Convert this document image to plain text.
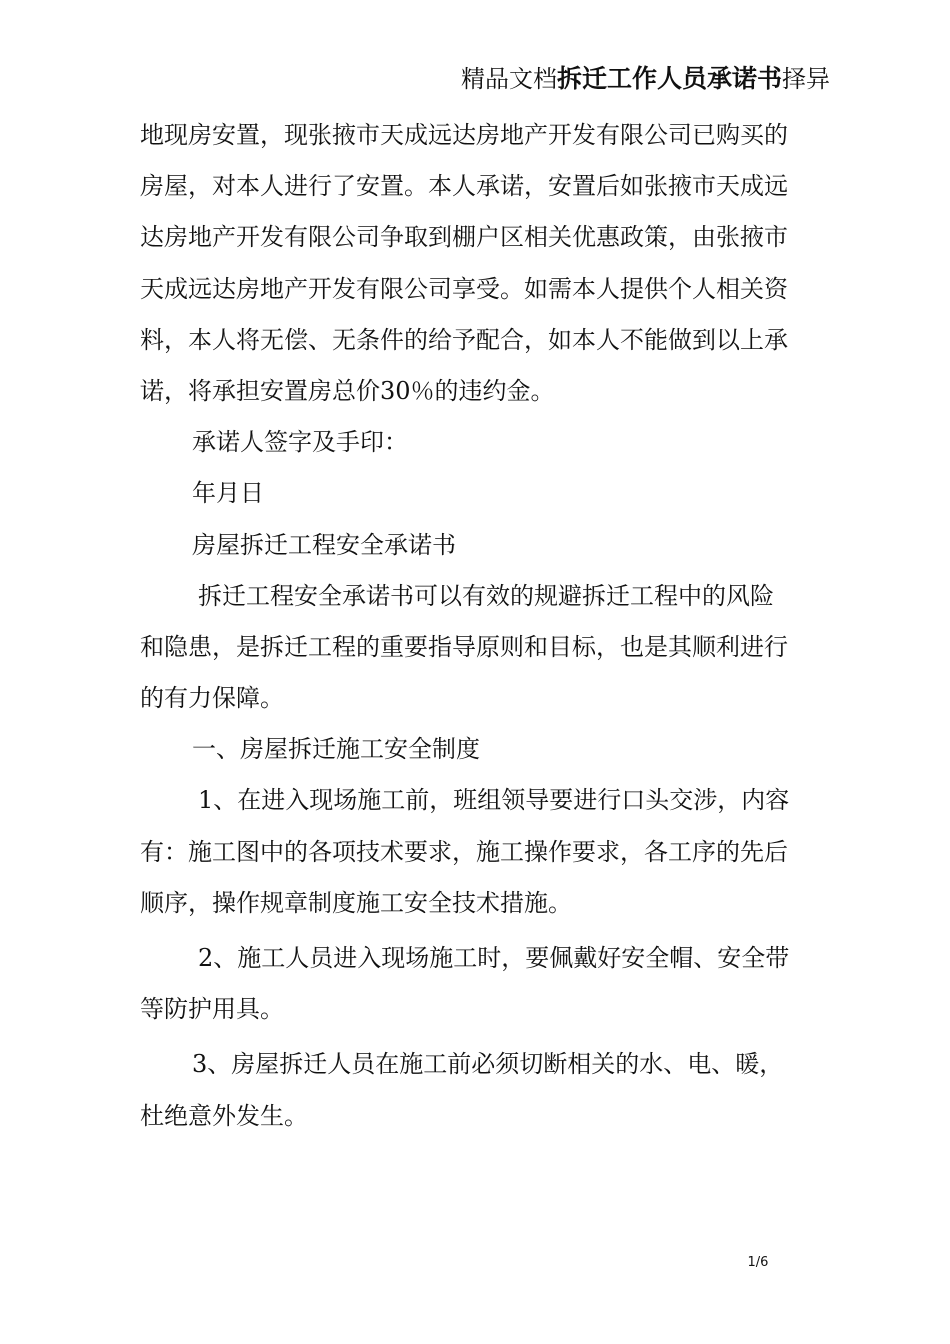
精品文档拆迁工作人员承诺书择异
地现房安置，现张掖市天成远达房地产开发有限公司已购买的
房屋，对本人进行了安置。本人承诺，安置后如张掖市天成远
达房地产开发有限公司争取到棚户区相关优惠政策，由张掖市
天成远达房地产开发有限公司享受。如需本人提供个人相关资
料，本人将无偿、无条件的给予配合，如本人不能做到以上承
诺，将承担安置房总价30％的违约金。
承诺人签字及手印：
年月日
房屋拆迁工程安全承诺书
拆迁工程安全承诺书可以有效的规避拆迁工程中的风险
和隐患，是拆迁工程的重要指导原则和目标，也是其顺利进行
的有力保障。
一、房屋拆迁施工安全制度
1、在进入现场施工前，班组领导要进行口头交涉，内容
有：施工图中的各项技术要求，施工操作要求，各工序的先后
顺序，操作规章制度施工安全技术措施。
2、施工人员进入现场施工时，要佩戴好安全帽、安全带
等防护用具。
3、房屋拆迁人员在施工前必须切断相关的水、电、暖，
杜绝意外发生。
1/6
